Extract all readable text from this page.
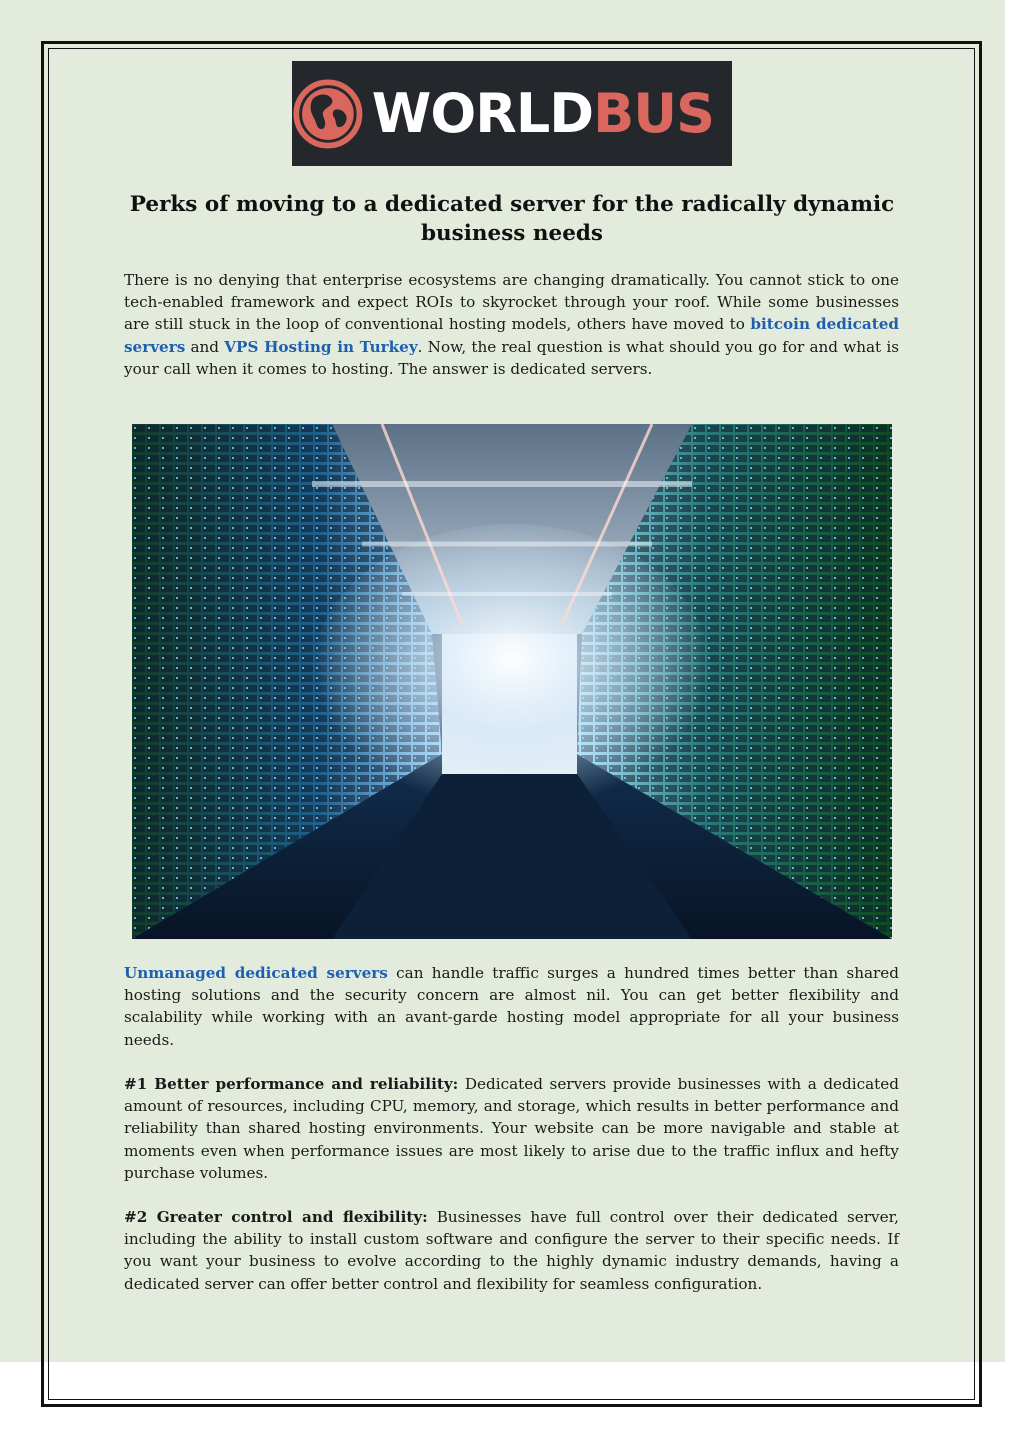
WORLDBUS
Perks of moving to a dedicated server for the radically dynamic business needs

There is no denying that enterprise ecosystems are changing dramatically. You cannot stick to one tech-enabled framework and expect ROIs to skyrocket through your roof. While some businesses are still stuck in the loop of conventional hosting models, others have moved to bitcoin dedicated servers and VPS Hosting in Turkey. Now, the real question is what should you go for and what is your call when it comes to hosting. The answer is dedicated servers.

Unmanaged dedicated servers can handle traffic surges a hundred times better than shared hosting solutions and the security concern are almost nil. You can get better flexibility and scalability while working with an avant-garde hosting model appropriate for all your business needs.

#1 Better performance and reliability: Dedicated servers provide businesses with a dedicated amount of resources, including CPU, memory, and storage, which results in better performance and reliability than shared hosting environments. Your website can be more navigable and stable at moments even when performance issues are most likely to arise due to the traffic influx and hefty purchase volumes.

#2 Greater control and flexibility: Businesses have full control over their dedicated server, including the ability to install custom software and configure the server to their specific needs. If you want your business to evolve according to the highly dynamic industry demands, having a dedicated server can offer better control and flexibility for seamless configuration.
